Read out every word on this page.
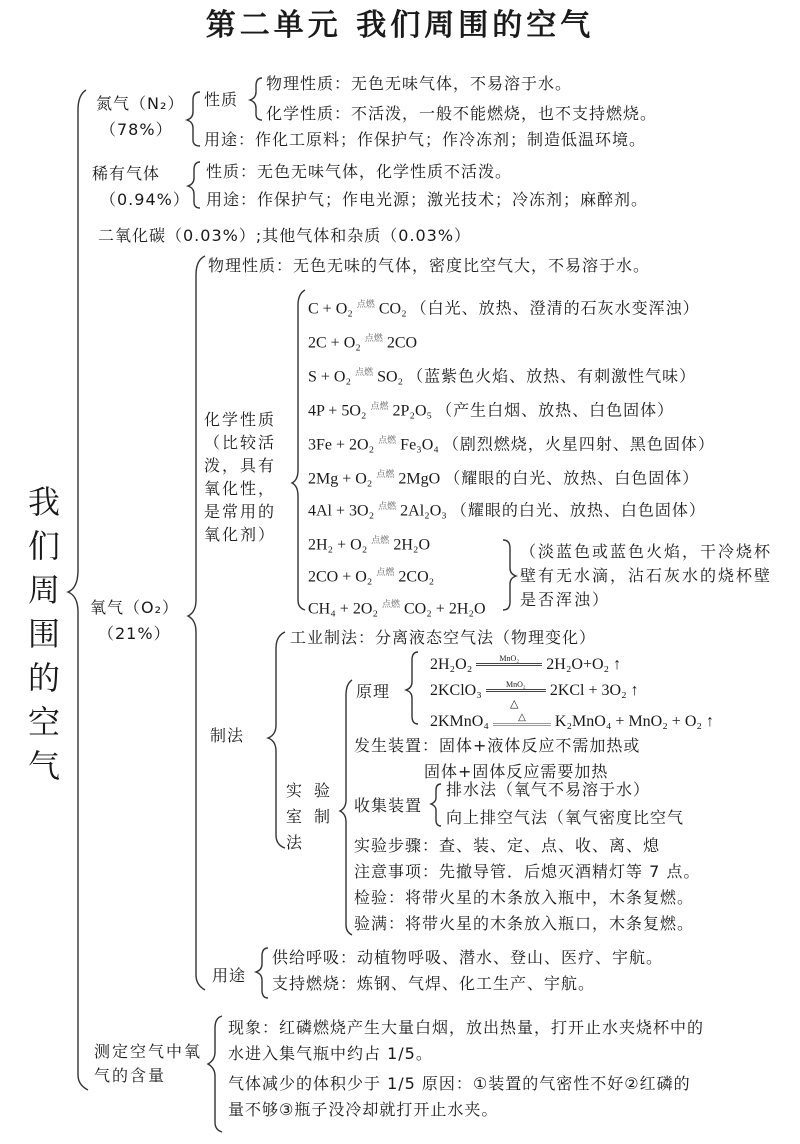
第二单元 我们周围的空气
我们周围的空气
氮气（N₂）
（78%）
性质
物理性质：无色无味气体，不易溶于水。
化学性质：不活泼，一般不能燃烧，也不支持燃烧。
用途：作化工原料；作保护气；作冷冻剂；制造低温环境。
稀有气体
（0.94%）
性质：无色无味气体，化学性质不活泼。
用途：作保护气；作电光源；激光技术；冷冻剂；麻醉剂。
二氧化碳（0.03%）;其他气体和杂质（0.03%）
氧气（O₂）
（21%）
物理性质：无色无味的气体，密度比空气大，不易溶于水。
化学性质（比较活泼，具有氧化性，是常用的氧化剂）
C + O₂ $^{点燃}$ CO₂ （白光、放热、澄清的石灰水变浑浊）
2C + O₂ $^{点燃}$ 2CO
S + O₂ $^{点燃}$ SO₂ （蓝紫色火焰、放热、有刺激性气味）
4P + 5O₂ $^{点燃}$ 2P₂O₅ （产生白烟、放热、白色固体）
3Fe + 2O₂ $^{点燃}$ Fe₃O₄ （剧烈燃烧，火星四射、黑色固体）
2Mg + O₂ $^{点燃}$ 2MgO （耀眼的白光、放热、白色固体）
4Al + 3O₂ $^{点燃}$ 2Al₂O₃ （耀眼的白光、放热、白色固体）
2H₂ + O₂ $^{点燃}$ 2H₂O
2CO + O₂ $^{点燃}$ 2CO₂
CH₄ + 2O₂ $^{点燃}$ CO₂ + 2H₂O
（淡蓝色或蓝色火焰，干冷烧杯壁有无水滴，沾石灰水的烧杯壁是否浑浊）
制法
工业制法：分离液态空气法（物理变化）
实验室制法
原理
2H₂O₂	MnO₂ 2H₂O+O₂ ↑
2KClO₃	MnO₂ 2KCl + 3O₂ ↑
△
2KMnO₄	△ K₂MnO₄ + MnO₂ + O₂ ↑
发生装置：固体+液体反应不需加热或
固体+固体反应需要加热
收集装置
排水法（氧气不易溶于水）
向上排空气法（氧气密度比空气
实验步骤：查、装、定、点、收、离、熄
注意事项：先撤导管．后熄灭酒精灯等 7 点。
检验：将带火星的木条放入瓶中，木条复燃。
验满：将带火星的木条放入瓶口，木条复燃。
用途
供给呼吸：动植物呼吸、潜水、登山、医疗、宇航。
支持燃烧：炼钢、气焊、化工生产、宇航。
测定空气中氧气的含量
现象：红磷燃烧产生大量白烟，放出热量，打开止水夹烧杯中的
水进入集气瓶中约占 1/5。
气体减少的体积少于 1/5 原因：①装置的气密性不好②红磷的
量不够③瓶子没冷却就打开止水夹。
